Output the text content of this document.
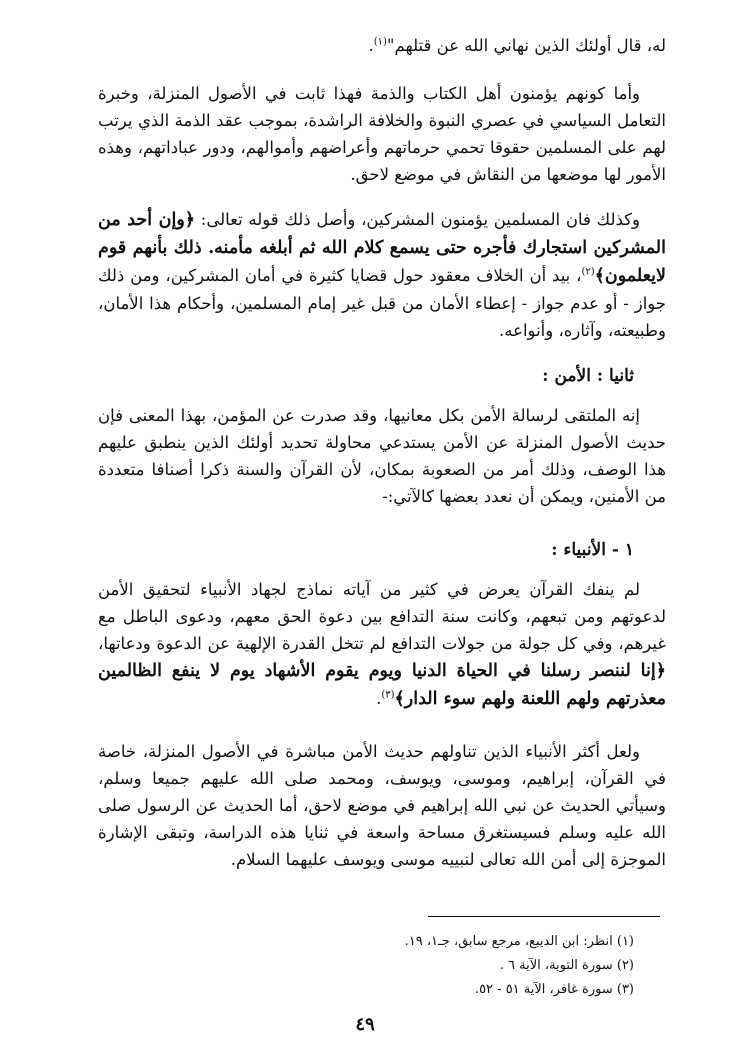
له، قال أولئك الذين نهاني الله عن قتلهم"$^{(١)}$.

وأما كونهم يؤمنون أهل الكتاب والذمة فهذا ثابت في الأصول المنزلة، وخبرة التعامل السياسي في عصري النبوة والخلافة الراشدة، بموجب عقد الذمة الذي يرتب لهم على المسلمين حقوقا تحمي حرماتهم وأعراضهم وأموالهم، ودور عباداتهم، وهذه الأمور لها موضعها من النقاش في موضع لاحق.

وكذلك فان المسلمين يؤمنون المشركين، وأصل ذلك قوله تعالى: ﴿وإن أحد من المشركين استجارك فأجره حتى يسمع كلام الله ثم أبلغه مأمنه. ذلك بأنهم قوم لايعلمون﴾$^{(٢)}$، بيد أن الخلاف معقود حول قضايا كثيرة في أمان المشركين، ومن ذلك جواز - أو عدم جواز - إعطاء الأمان من قبل غير إمام المسلمين، وأحكام هذا الأمان، وطبيعته، وآثاره، وأنواعه.

ثانيا : الأمن :

إنه الملتقى لرسالة الأمن بكل معانيها، وقد صدرت عن المؤمن، بهذا المعنى فإن حديث الأصول المنزلة عن الأمن يستدعي محاولة تحديد أولئك الذين ينطبق عليهم هذا الوصف، وذلك أمر من الصعوبة بمكان، لأن القرآن والسنة ذكرا أصنافا متعددة من الأمنين، ويمكن أن نعدد بعضها كالآتي:-

١ - الأنبياء :

لم ينفك القرآن يعرض في كثير من آياته نماذج لجهاد الأنبياء لتحقيق الأمن لدعوتهم ومن تبعهم، وكانت سنة التدافع بين دعوة الحق معهم، ودعوى الباطل مع غيرهم، وفي كل جولة من جولات التدافع لم تتخل القدرة الإلهية عن الدعوة ودعاتها، ﴿إنا لننصر رسلنا في الحياة الدنيا ويوم يقوم الأشهاد يوم لا ينفع الظالمين معذرتهم ولهم اللعنة ولهم سوء الدار﴾$^{(٣)}$.

ولعل أكثر الأنبياء الذين تناولهم حديث الأمن مباشرة في الأصول المنزلة، خاصة في القرآن، إبراهيم، وموسى، ويوسف، ومحمد صلى الله عليهم جميعا وسلم، وسيأتي الحديث عن نبي الله إبراهيم في موضع لاحق، أما الحديث عن الرسول صلى الله عليه وسلم فسيستغرق مساحة واسعة في ثنايا هذه الدراسة، وتبقى الإشارة الموجزة إلى أمن الله تعالى لنبييه موسى ويوسف عليهما السلام.

(١) انظر: ابن الديبع، مرجع سابق، جـ١، ١٩.
(٢) سورة التوبة، الآية ٦ .
(٣) سورة غافر، الآية ٥١ - ٥٢.
٤٩
